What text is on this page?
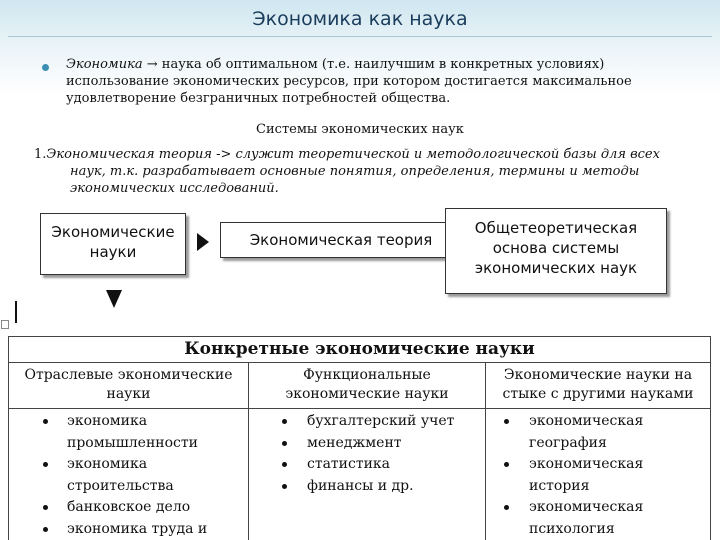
Экономика как наука
Экономика → наука об оптимальном (т.е. наилучшим в конкретных условиях)
использование экономических ресурсов, при котором достигается максимальное
удовлетворение безграничных потребностей общества.
Системы экономических наук
1.Экономическая теория -> служит теоретической и методологической базы для всех
наук, т.к. разрабатывает основные понятия, определения, термины и методы
экономических исследований.
Экономические
науки
Экономическая теория
Общетеоретическая
основа системы
экономических наук
Конкретные экономические науки
Отраслевые экономические
науки
экономика
промышленности
экономика
строительства
банковское дело
экономика труда и
Функциональные
экономические науки
бухгалтерский учет
менеджмент
статистика
финансы и др.
Экономические науки на
стыке с другими науками
экономическая
география
экономическая
история
экономическая
психология
